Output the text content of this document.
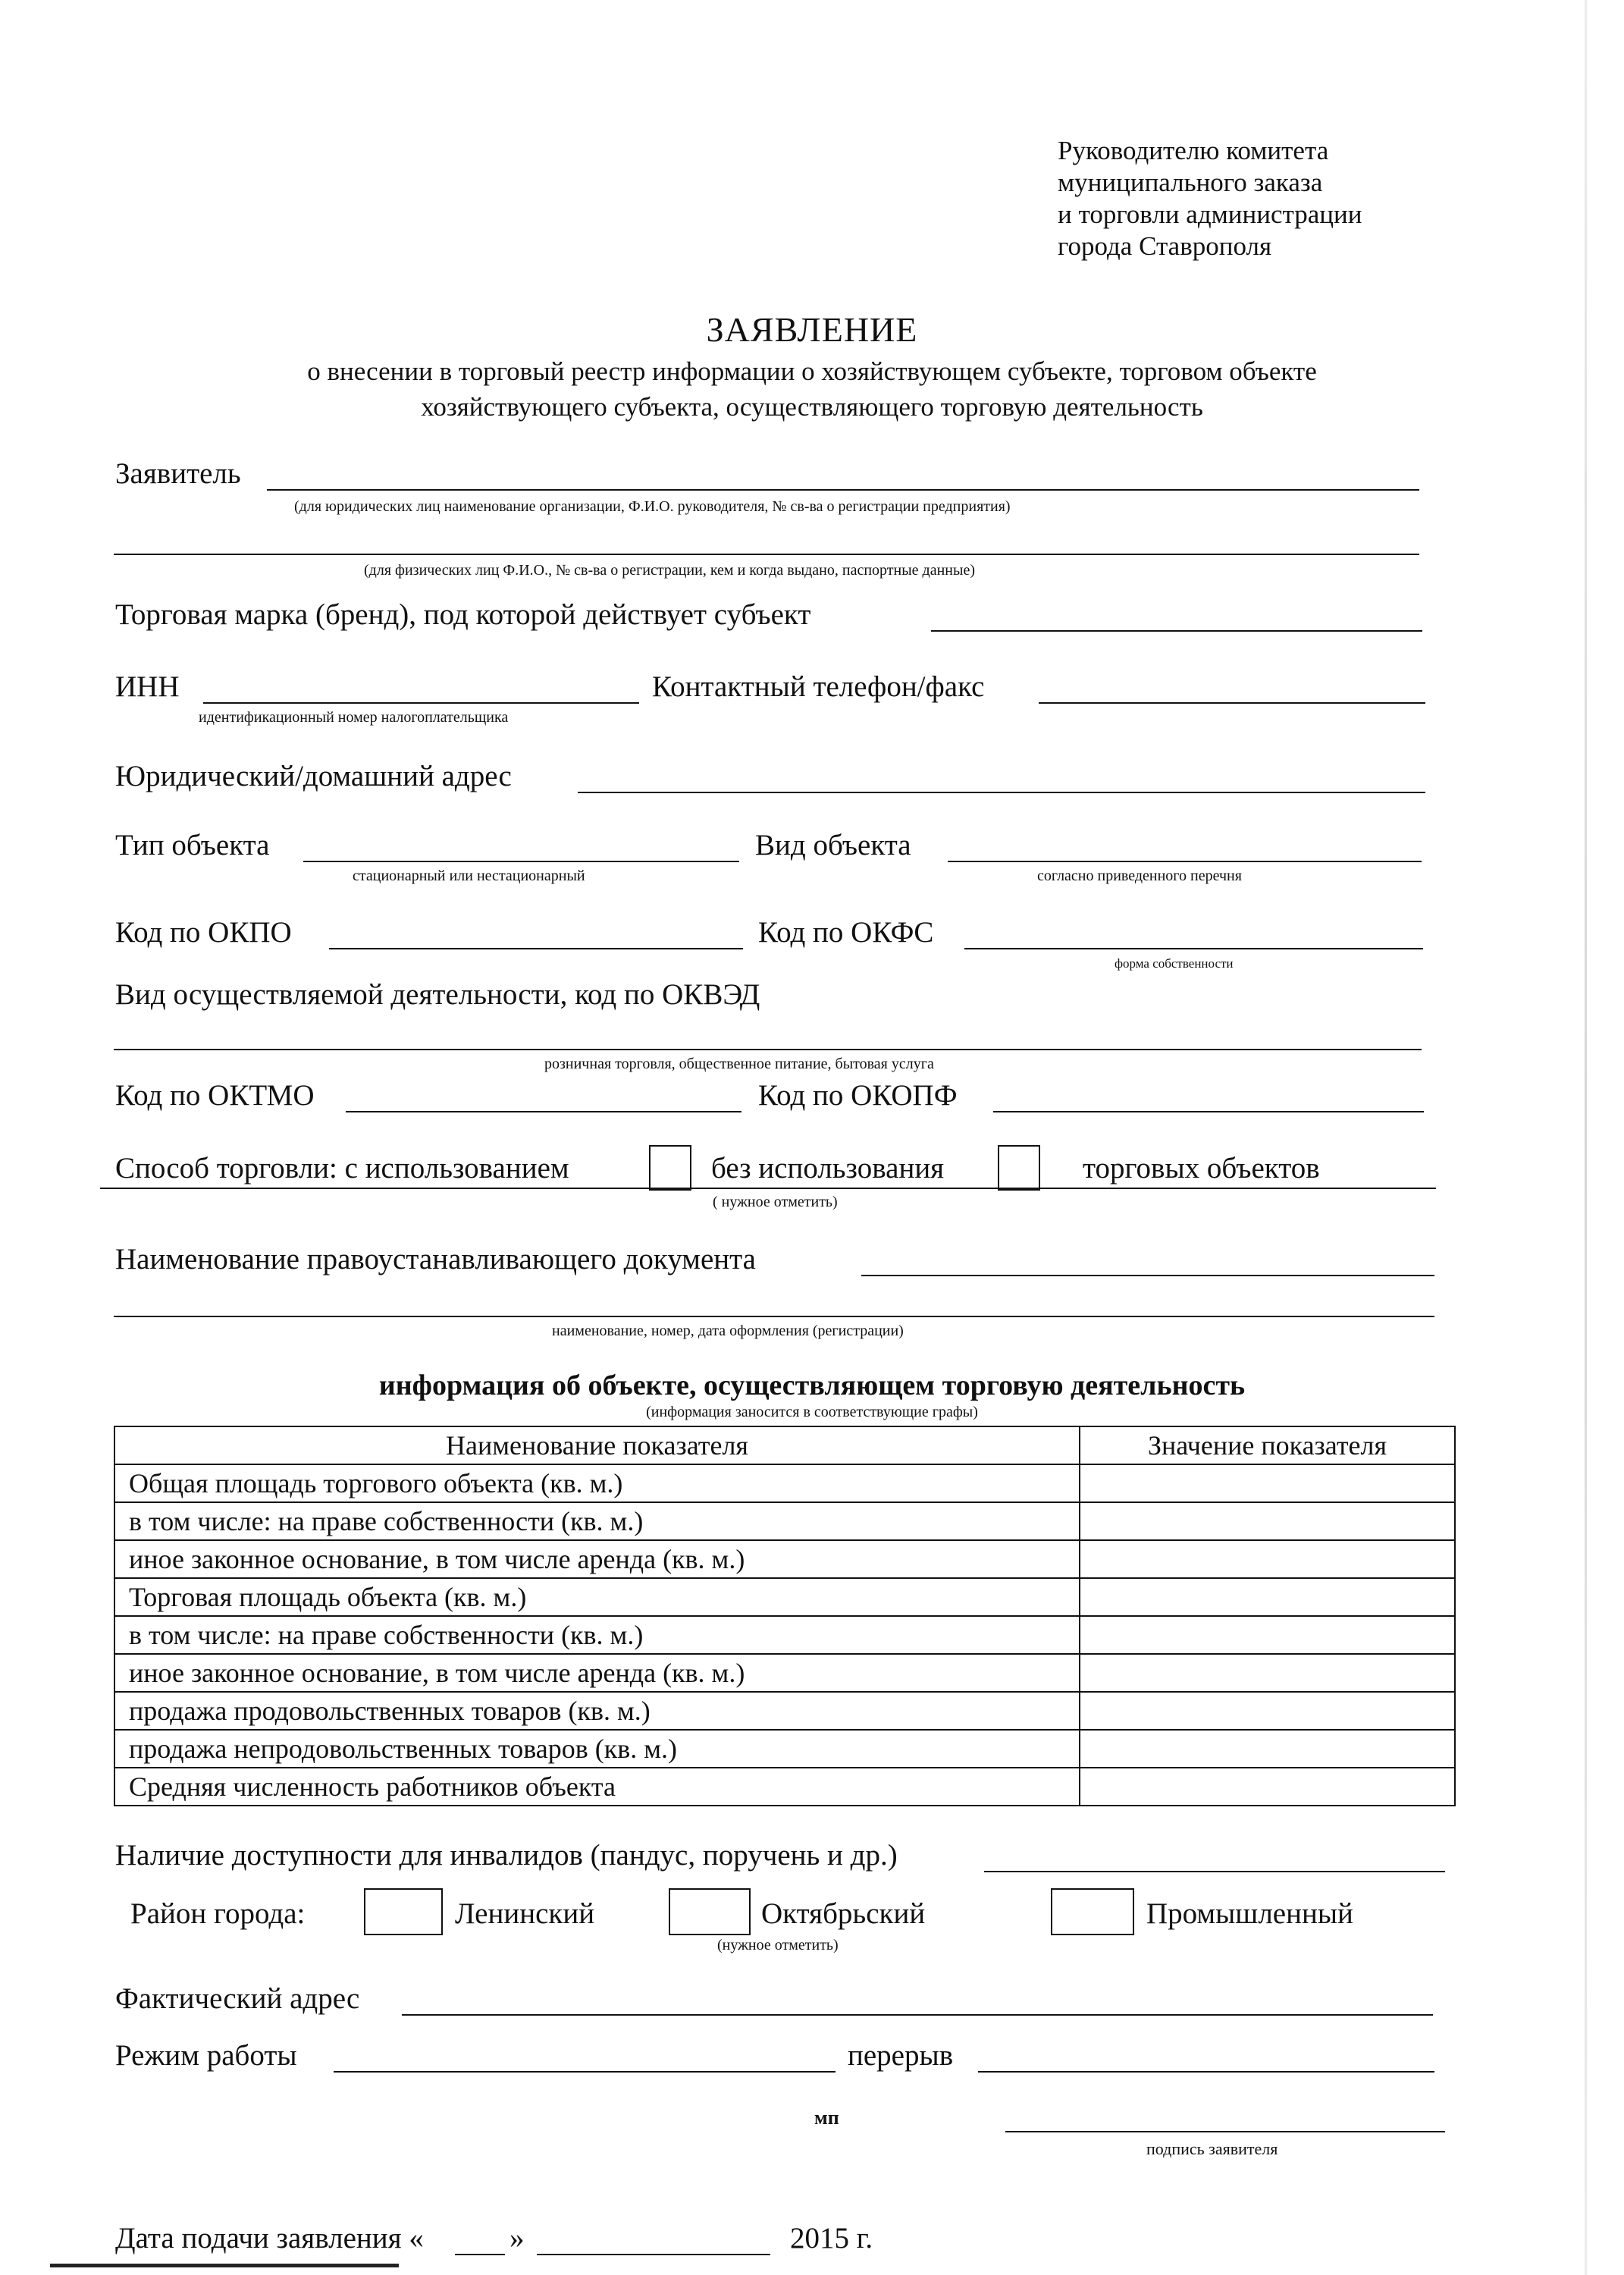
Руководителю комитета
муниципального заказа
и торговли администрации
города Ставрополя
ЗАЯВЛЕНИЕ
о внесении в торговый реестр информации о хозяйствующем субъекте, торговом объекте
хозяйствующего субъекта, осуществляющего торговую деятельность
Заявитель
(для юридических лиц наименование организации, Ф.И.О. руководителя, № св-ва о регистрации предприятия)
(для физических лиц Ф.И.О., № св-ва о регистрации, кем и когда выдано, паспортные данные)
Торговая марка (бренд), под которой действует субъект
ИНН
идентификационный номер налогоплательщика
Контактный телефон/факс
Юридический/домашний адрес
Тип объекта
стационарный или нестационарный
Вид объекта
согласно приведенного перечня
Код по ОКПО	Код по ОКФС
форма собственности
Вид осуществляемой деятельности, код по ОКВЭД
розничная торговля, общественное питание, бытовая услуга
Код по ОКТМО	Код по ОКОПФ
Способ торговли: с использованием	без использования	торговых объектов
( нужное отметить)
Наименование правоустанавливающего документа
наименование, номер, дата оформления (регистрации)
информация об объекте, осуществляющем торговую деятельность
(информация заносится в соответствующие графы)
Наименование показателя	Значение показателя
Общая площадь торгового объекта (кв. м.)	
в том числе: на праве собственности (кв. м.)	
иное законное основание, в том числе аренда (кв. м.)	
Торговая площадь объекта (кв. м.)	
в том числе: на праве собственности (кв. м.)	
иное законное основание, в том числе аренда (кв. м.)	
продажа продовольственных товаров (кв. м.)	
продажа непродовольственных товаров (кв. м.)	
Средняя численность работников объекта	
Наличие доступности для инвалидов (пандус, поручень и др.)
Район города:	Ленинский	Октябрьский	Промышленный
(нужное отметить)
Фактический адрес
Режим работы	перерыв
мп
подпись заявителя
Дата подачи заявления «	»	2015 г.
